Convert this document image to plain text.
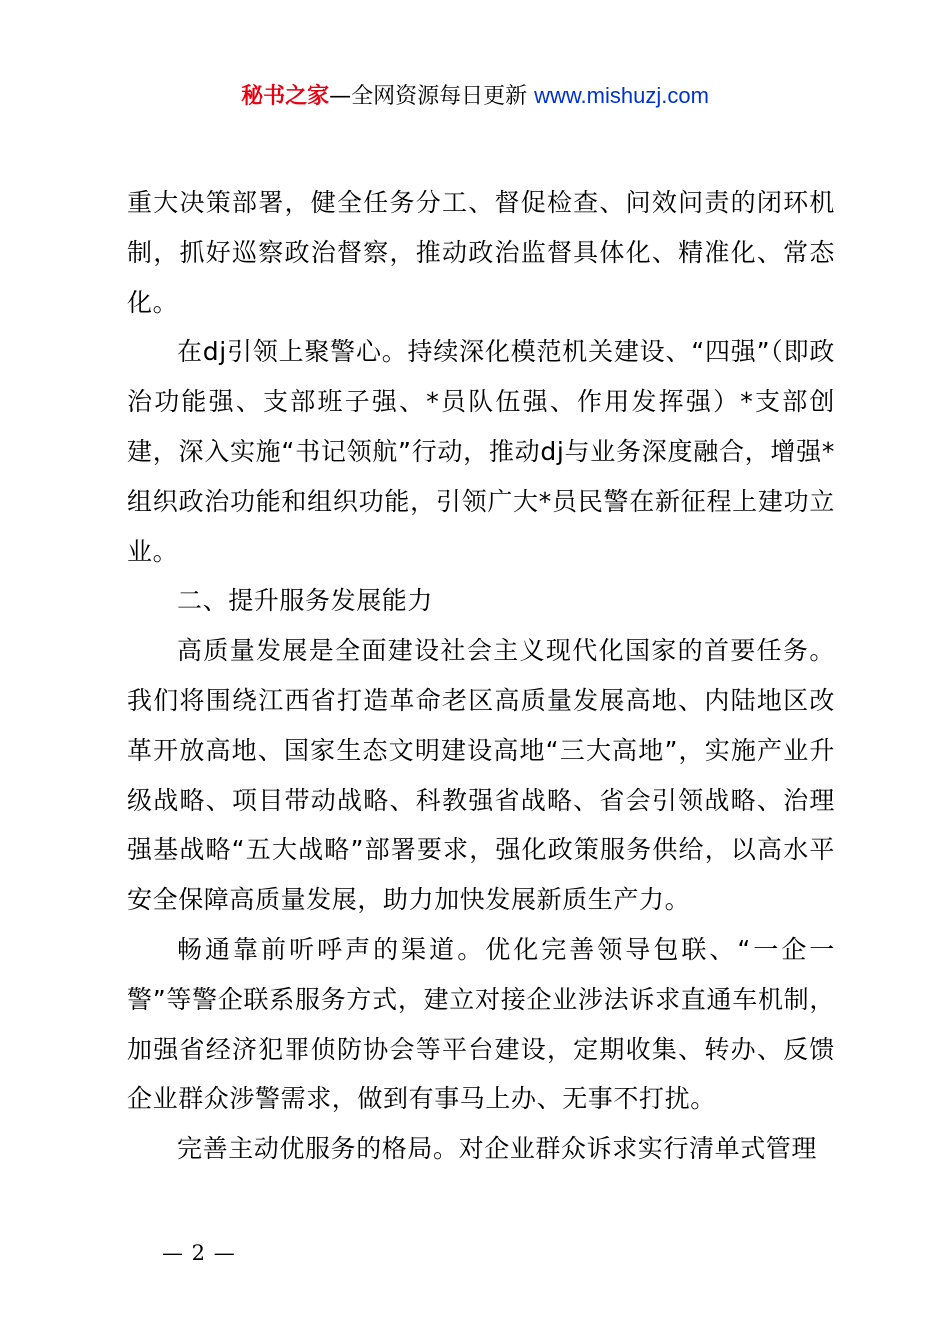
秘书之家—全网资源每日更新 www.mishuzj.com

重大决策部署，健全任务分工、督促检查、问效问责的闭环机制，抓好巡察政治督察，推动政治监督具体化、精准化、常态化。

在dj引领上聚警心。持续深化模范机关建设、“四强”（即政治功能强、支部班子强、*员队伍强、作用发挥强）*支部创建，深入实施“书记领航”行动，推动dj与业务深度融合，增强*组织政治功能和组织功能，引领广大*员民警在新征程上建功立业。

二、提升服务发展能力

高质量发展是全面建设社会主义现代化国家的首要任务。我们将围绕江西省打造革命老区高质量发展高地、内陆地区改革开放高地、国家生态文明建设高地“三大高地”，实施产业升级战略、项目带动战略、科教强省战略、省会引领战略、治理强基战略“五大战略”部署要求，强化政策服务供给，以高水平安全保障高质量发展，助力加快发展新质生产力。

畅通靠前听呼声的渠道。优化完善领导包联、“一企一警”等警企联系服务方式，建立对接企业涉法诉求直通车机制，加强省经济犯罪侦防协会等平台建设，定期收集、转办、反馈企业群众涉警需求，做到有事马上办、无事不打扰。

完善主动优服务的格局。对企业群众诉求实行清单式管理

— 2 —
